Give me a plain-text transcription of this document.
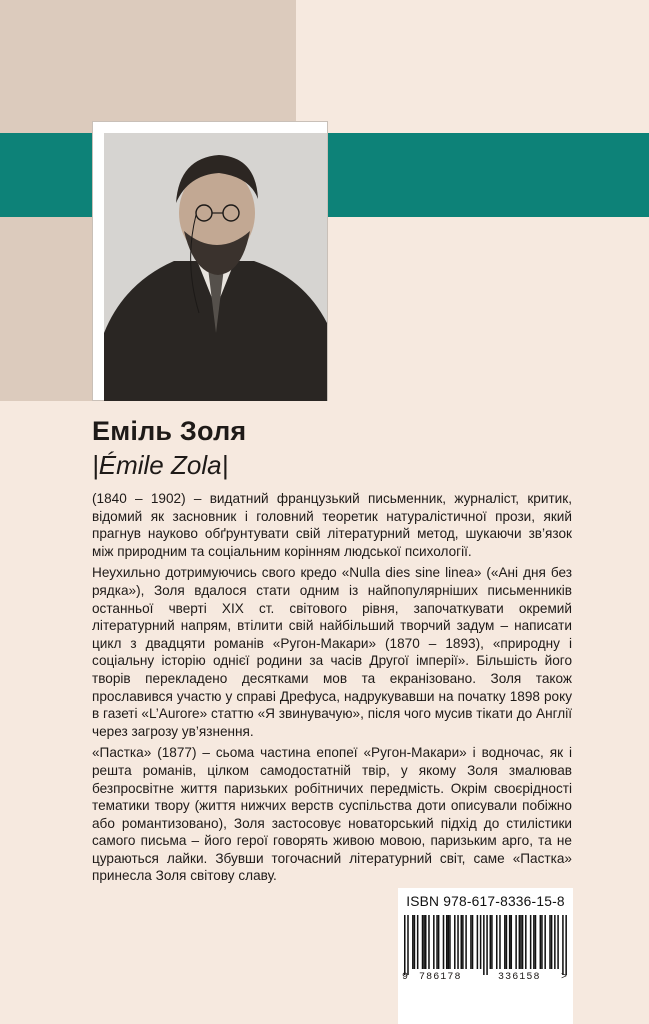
Еміль Золя
|Émile Zola|

(1840 – 1902) – видатний французький письменник, журналіст, критик, відомий як засновник і головний теоретик натуралістичної прози, який прагнув науково обґрунтувати свій літературний метод, шукаючи зв’язок між природним та соціальним корінням людської психології.

Неухильно дотримуючись свого кредо «Nulla dies sine linea» («Ані дня без рядка»), Золя вдалося стати одним із найпопулярніших письменників останньої чверті XIX ст. світового рівня, започаткувати окремий літературний напрям, втілити свій найбільший творчий задум – написати цикл з двадцяти романів «Ругон-Макари» (1870 – 1893), «природну і соціальну історію однієї родини за часів Другої імперії». Більшість його творів перекладено десятками мов та екранізовано. Золя також прославився участю у справі Дрефуса, надрукувавши на початку 1898 року в газеті «L’Aurore» статтю «Я звинувачую», після чого мусив тікати до Англії через загрозу ув’язнення.

«Пастка» (1877) – сьома частина епопеї «Ругон-Макари» і водночас, як і решта романів, цілком самодостатній твір, у якому Золя змалював безпросвітне життя паризьких робітничих передмість. Окрім своєрідності тематики твору (життя нижчих верств суспільства доти описували побіжно або романтизовано), Золя застосовує новаторський підхід до стилістики самого письма – його герої говорять живою мовою, паризьким арго, та не цураються лайки. Збувши тогочасний літературний світ, саме «Пастка» принесла Золя світову славу.

ISBN 978-617-8336-15-8
9 786178	336158 >
